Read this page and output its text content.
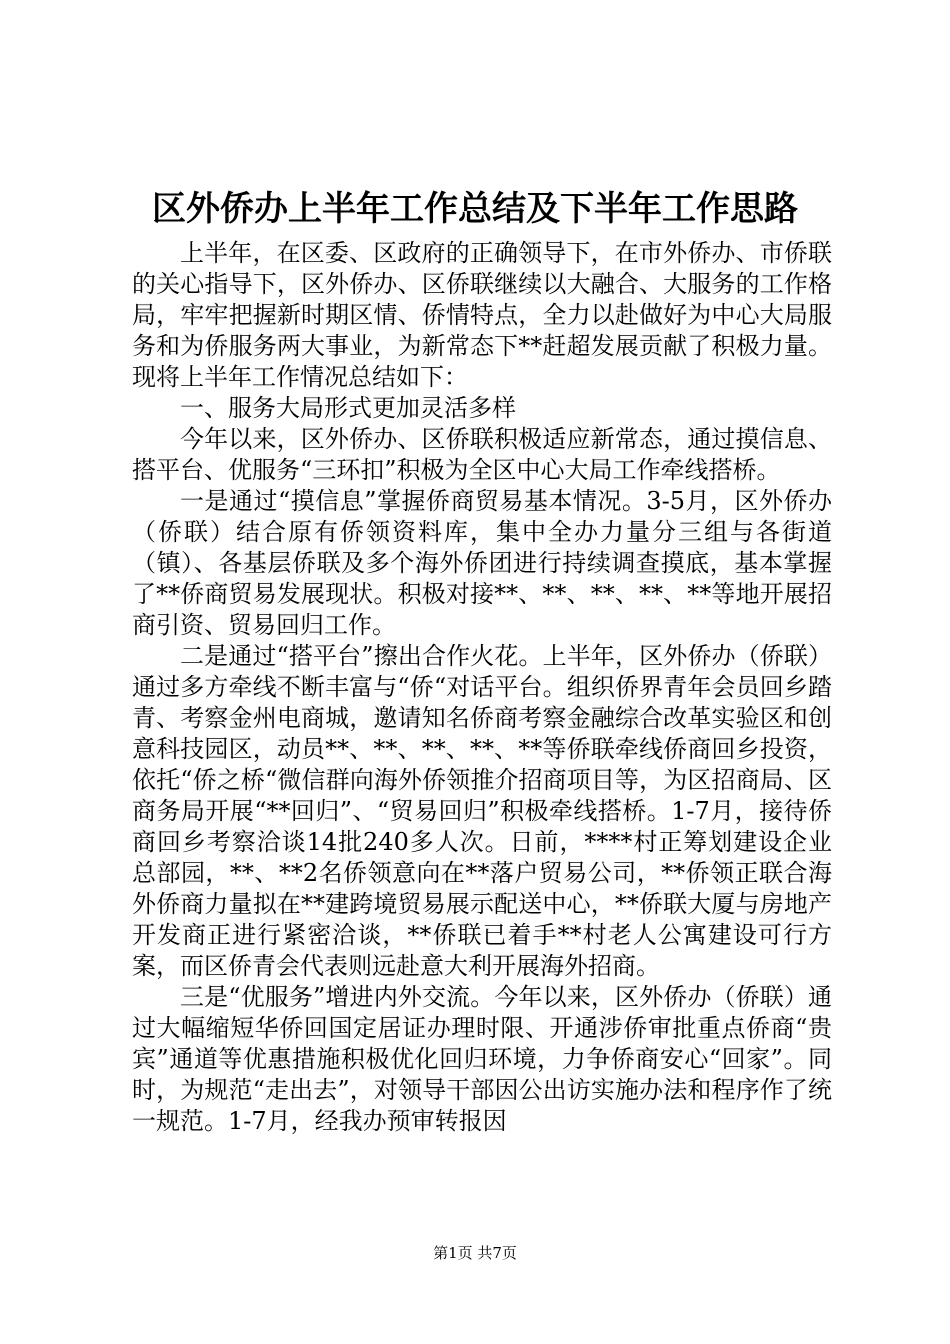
区外侨办上半年工作总结及下半年工作思路

上半年，在区委、区政府的正确领导下，在市外侨办、市侨联的关心指导下，区外侨办、区侨联继续以大融合、大服务的工作格局，牢牢把握新时期区情、侨情特点，全力以赴做好为中心大局服务和为侨服务两大事业，为新常态下**赶超发展贡献了积极力量。现将上半年工作情况总结如下：

一、服务大局形式更加灵活多样

今年以来，区外侨办、区侨联积极适应新常态，通过摸信息、搭平台、优服务“三环扣”积极为全区中心大局工作牵线搭桥。

一是通过“摸信息”掌握侨商贸易基本情况。3-5月，区外侨办（侨联）结合原有侨领资料库，集中全办力量分三组与各街道（镇）、各基层侨联及多个海外侨团进行持续调查摸底，基本掌握了**侨商贸易发展现状。积极对接**、**、**、**、**等地开展招商引资、贸易回归工作。

二是通过“搭平台”擦出合作火花。上半年，区外侨办（侨联）通过多方牵线不断丰富与“侨“对话平台。组织侨界青年会员回乡踏青、考察金州电商城，邀请知名侨商考察金融综合改革实验区和创意科技园区，动员**、**、**、**、**等侨联牵线侨商回乡投资，依托“侨之桥“微信群向海外侨领推介招商项目等，为区招商局、区商务局开展“**回归”、“贸易回归”积极牵线搭桥。1-7月，接待侨商回乡考察洽谈14批240多人次。日前，****村正筹划建设企业总部园，**、**2名侨领意向在**落户贸易公司，**侨领正联合海外侨商力量拟在**建跨境贸易展示配送中心，**侨联大厦与房地产开发商正进行紧密洽谈，**侨联已着手**村老人公寓建设可行方案，而区侨青会代表则远赴意大利开展海外招商。

三是“优服务”增进内外交流。今年以来，区外侨办（侨联）通过大幅缩短华侨回国定居证办理时限、开通涉侨审批重点侨商“贵宾”通道等优惠措施积极优化回归环境，力争侨商安心“回家”。同时，为规范“走出去”，对领导干部因公出访实施办法和程序作了统一规范。1-7月，经我办预审转报因

第1页 共7页
